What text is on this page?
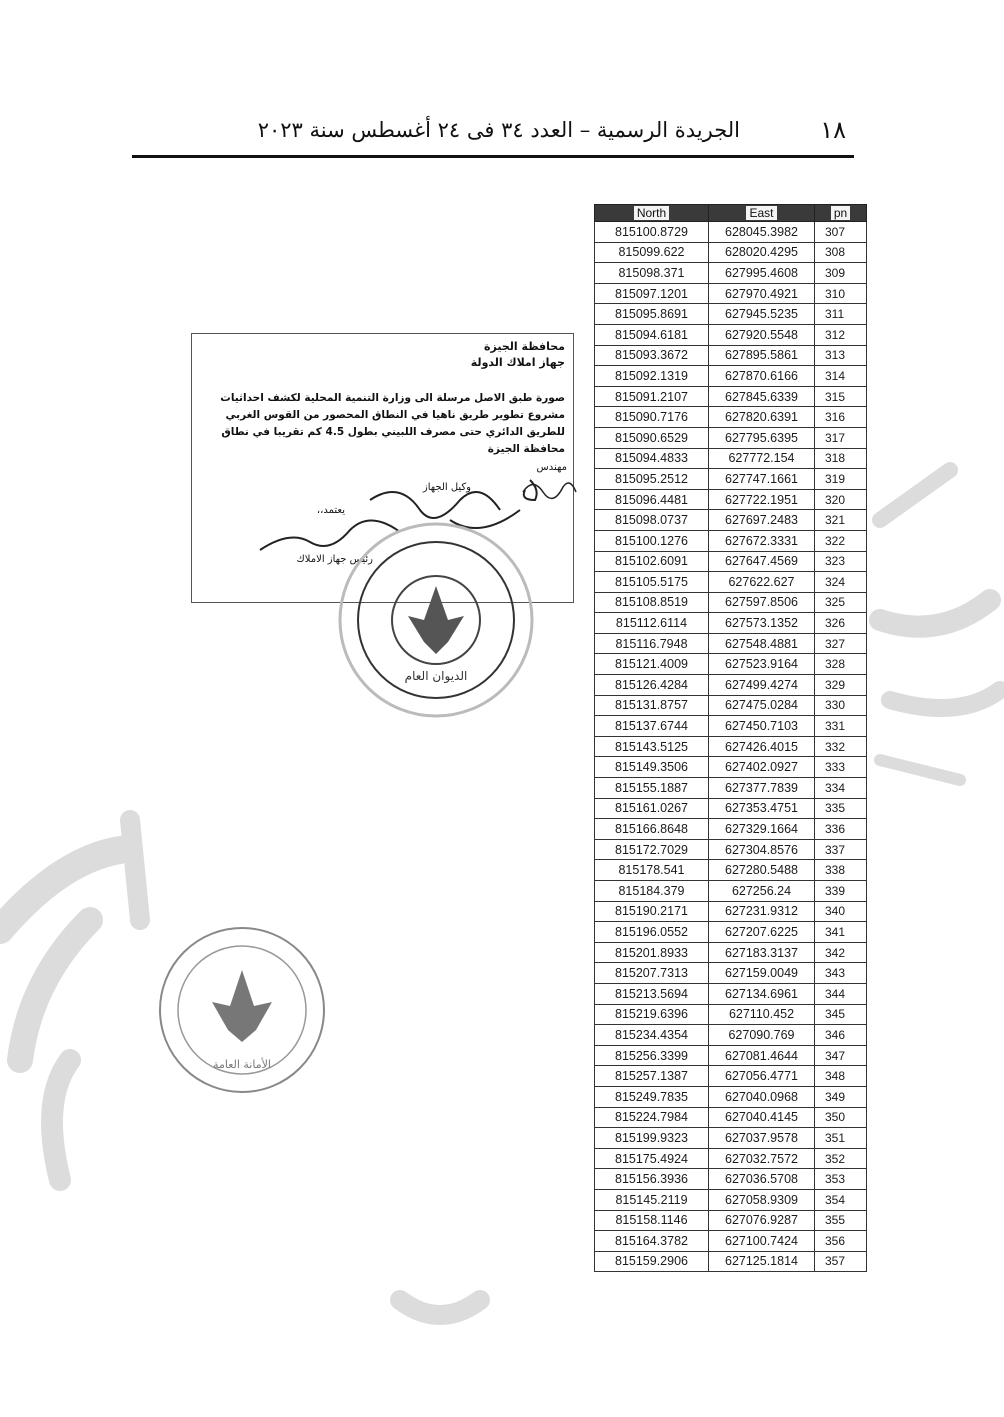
١٨
الجريدة الرسمية – العدد ٣٤ فى ٢٤ أغسطس سنة ٢٠٢٣
محافظة الجيزة
جهاز املاك الدولة
صورة طبق الاصل مرسلة الى وزارة التنمية المحلية لكشف احداثيات مشروع تطوير طريق ناهيا في النطاق المحصور من القوس الغربي للطريق الدائري حتى مصرف اللبيني بطول 4.5 كم تقريبا في نطاق محافظة الجيزة
مهندس
وكيل الجهاز
يعتمد،،
رئيس جهاز الاملاك
الديوان العام
الأمانة العامة
North	East	pn
815100.8729	628045.3982	307
815099.622	628020.4295	308
815098.371	627995.4608	309
815097.1201	627970.4921	310
815095.8691	627945.5235	311
815094.6181	627920.5548	312
815093.3672	627895.5861	313
815092.1319	627870.6166	314
815091.2107	627845.6339	315
815090.7176	627820.6391	316
815090.6529	627795.6395	317
815094.4833	627772.154	318
815095.2512	627747.1661	319
815096.4481	627722.1951	320
815098.0737	627697.2483	321
815100.1276	627672.3331	322
815102.6091	627647.4569	323
815105.5175	627622.627	324
815108.8519	627597.8506	325
815112.6114	627573.1352	326
815116.7948	627548.4881	327
815121.4009	627523.9164	328
815126.4284	627499.4274	329
815131.8757	627475.0284	330
815137.6744	627450.7103	331
815143.5125	627426.4015	332
815149.3506	627402.0927	333
815155.1887	627377.7839	334
815161.0267	627353.4751	335
815166.8648	627329.1664	336
815172.7029	627304.8576	337
815178.541	627280.5488	338
815184.379	627256.24	339
815190.2171	627231.9312	340
815196.0552	627207.6225	341
815201.8933	627183.3137	342
815207.7313	627159.0049	343
815213.5694	627134.6961	344
815219.6396	627110.452	345
815234.4354	627090.769	346
815256.3399	627081.4644	347
815257.1387	627056.4771	348
815249.7835	627040.0968	349
815224.7984	627040.4145	350
815199.9323	627037.9578	351
815175.4924	627032.7572	352
815156.3936	627036.5708	353
815145.2119	627058.9309	354
815158.1146	627076.9287	355
815164.3782	627100.7424	356
815159.2906	627125.1814	357
